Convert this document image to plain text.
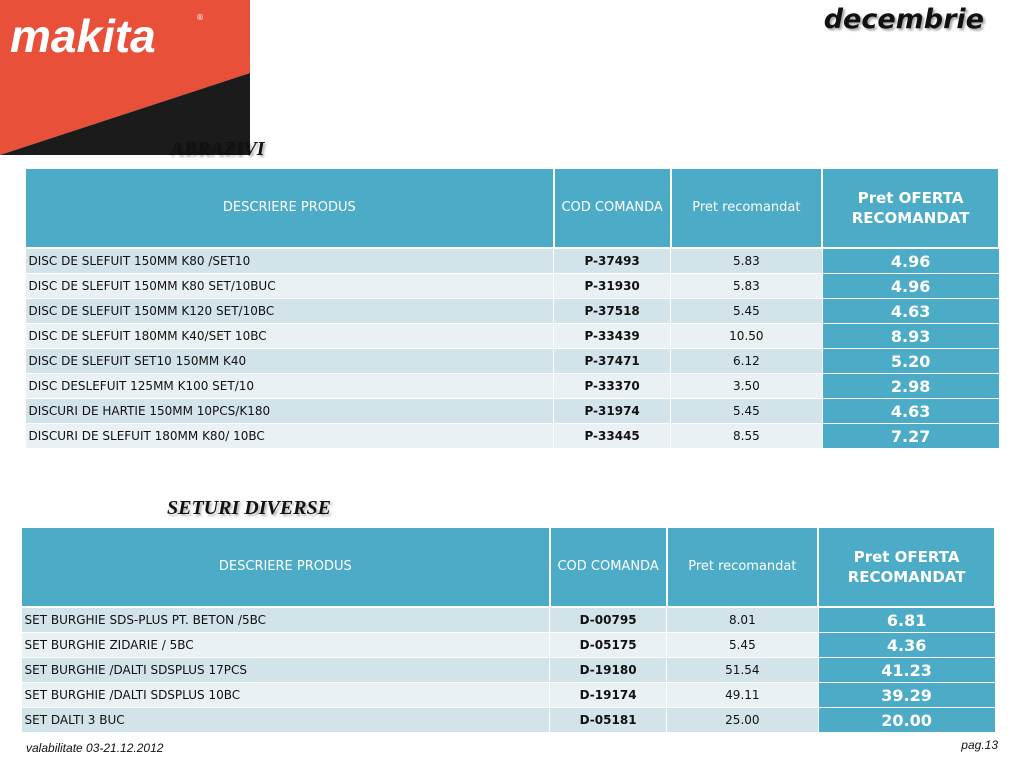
makita	®	decembrie
ABRAZIVI
DESCRIERE PRODUS	COD COMANDA	Pret recomandat	Pret OFERTA RECOMANDAT
DISC DE SLEFUIT 150MM K80 /SET10	P-37493	5.83	4.96
DISC DE SLEFUIT 150MM K80 SET/10BUC	P-31930	5.83	4.96
DISC DE SLEFUIT 150MM K120 SET/10BC	P-37518	5.45	4.63
DISC DE SLEFUIT 180MM K40/SET 10BC	P-33439	10.50	8.93
DISC DE SLEFUIT SET10 150MM K40	P-37471	6.12	5.20
DISC DESLEFUIT 125MM K100 SET/10	P-33370	3.50	2.98
DISCURI DE HARTIE 150MM 10PCS/K180	P-31974	5.45	4.63
DISCURI DE SLEFUIT 180MM K80/ 10BC	P-33445	8.55	7.27
SETURI DIVERSE
DESCRIERE PRODUS	COD COMANDA	Pret recomandat	Pret OFERTA RECOMANDAT
SET BURGHIE SDS-PLUS PT. BETON /5BC	D-00795	8.01	6.81
SET BURGHIE ZIDARIE / 5BC	D-05175	5.45	4.36
SET BURGHIE /DALTI SDSPLUS 17PCS	D-19180	51.54	41.23
SET BURGHIE /DALTI SDSPLUS 10BC	D-19174	49.11	39.29
SET DALTI 3 BUC	D-05181	25.00	20.00
valabilitate 03-21.12.2012	pag.13
